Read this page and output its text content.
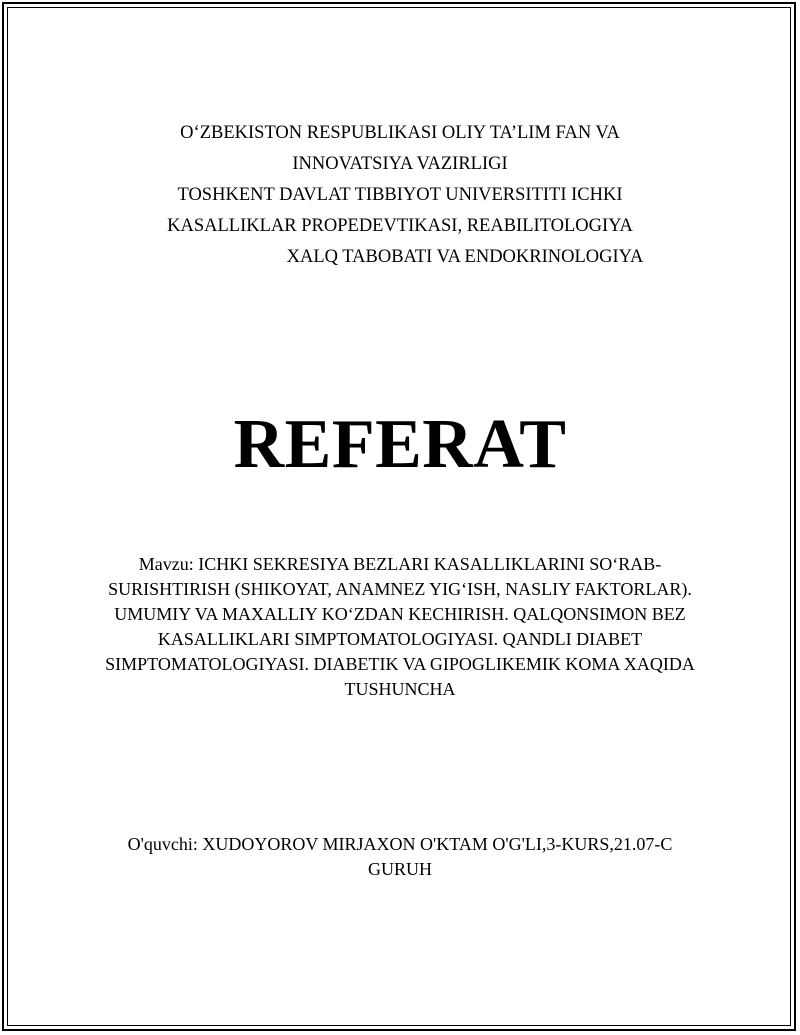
O‘ZBEKISTON RESPUBLIKASI OLIY TA’LIM FAN VA
INNOVATSIYA VAZIRLIGI
TOSHKENT DAVLAT TIBBIYOT UNIVERSITITI ICHKI
KASALLIKLAR PROPEDEVTIKASI, REABILITOLOGIYA
XALQ TABOBATI VA ENDOKRINOLOGIYA
REFERAT
Mavzu: ICHKI SEKRESIYA BEZLARI KASALLIKLARINI SO‘RAB-SURISHTIRISH (SHIKOYAT, ANAMNEZ YIG‘ISH, NASLIY FAKTORLAR). UMUMIY VA MAXALLIY KO‘ZDAN KECHIRISH. QALQONSIMON BEZ KASALLIKLARI SIMPTOMATOLOGIYASI. QANDLI DIABET SIMPTOMATOLOGIYASI. DIABETIK VA GIPOGLIKEMIK KOMA XAQIDA TUSHUNCHA
O'quvchi: XUDOYOROV MIRJAXON O'KTAM O'G'LI,3-KURS,21.07-C GURUH
